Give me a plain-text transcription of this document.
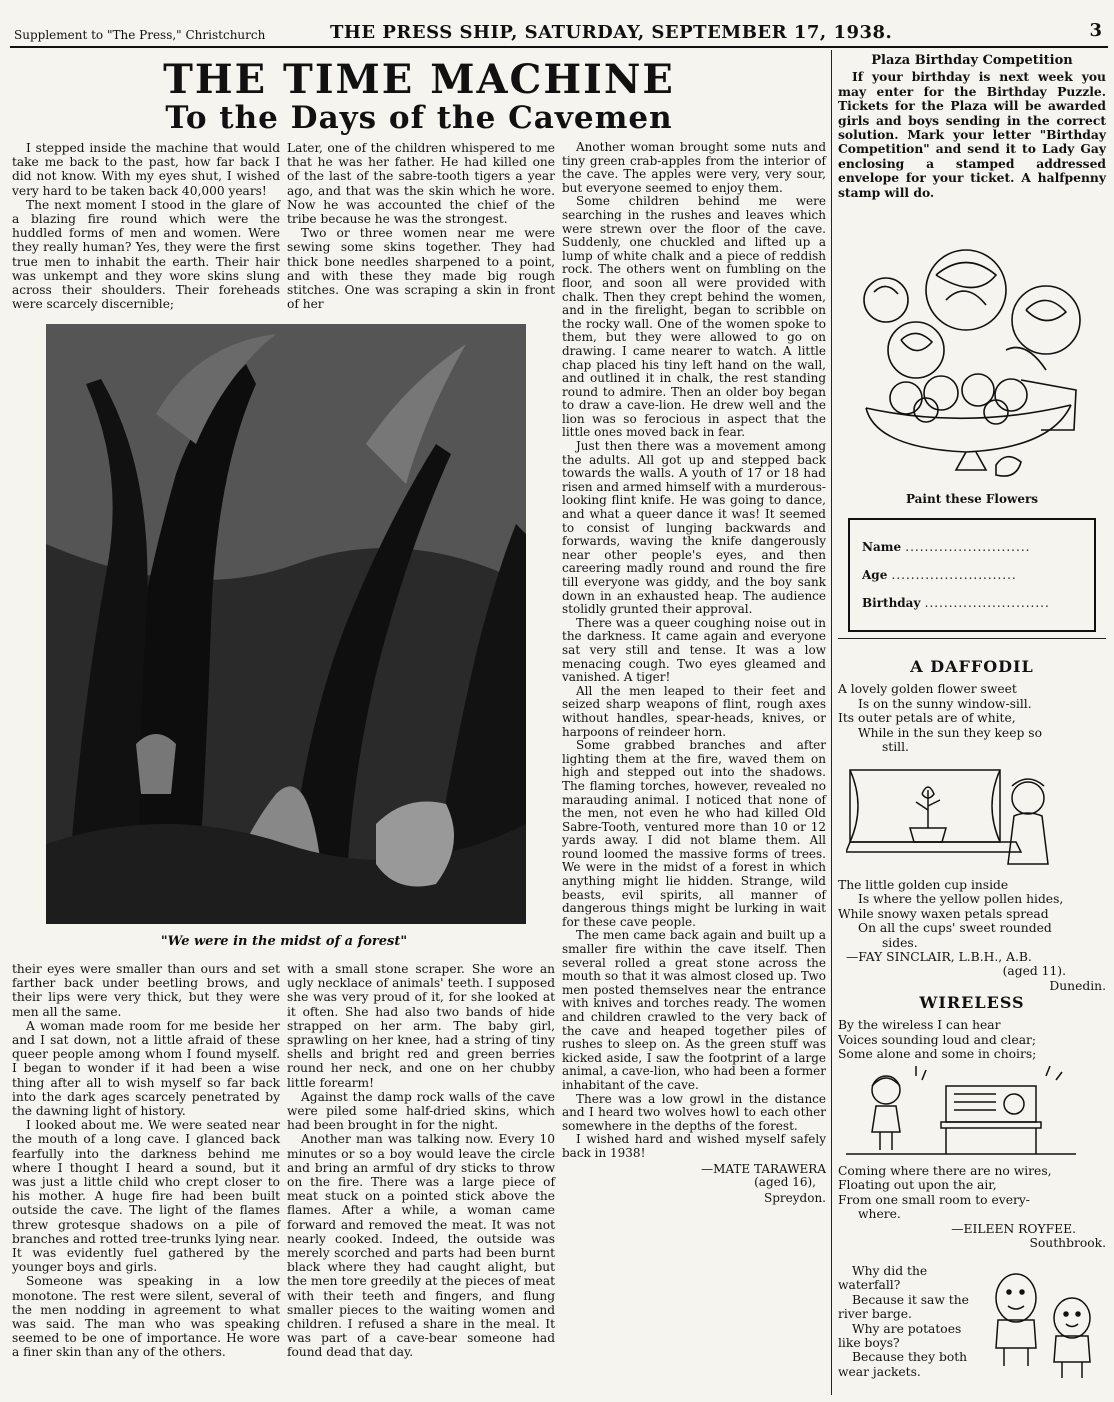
Supplement to "The Press," Christchurch	THE PRESS SHIP, SATURDAY, SEPTEMBER 17, 1938.	3
THE TIME MACHINE
To the Days of the Cavemen

I stepped inside the machine that would take me back to the past, how far back I did not know. With my eyes shut, I wished very hard to be taken back 40,000 years!

The next moment I stood in the glare of a blazing fire round which were the huddled forms of men and women. Were they really human? Yes, they were the first true men to inhabit the earth. Their hair was unkempt and they wore skins slung across their shoulders. Their foreheads were scarcely discernible;

Later, one of the children whispered to me that he was her father. He had killed one of the last of the sabre-tooth tigers a year ago, and that was the skin which he wore. Now he was accounted the chief of the tribe because he was the strongest.

Two or three women near me were sewing some skins together. They had thick bone needles sharpened to a point, and with these they made big rough stitches. One was scraping a skin in front of her

"We were in the midst of a forest"

their eyes were smaller than ours and set farther back under beetling brows, and their lips were very thick, but they were men all the same.

A woman made room for me beside her and I sat down, not a little afraid of these queer people among whom I found myself. I began to wonder if it had been a wise thing after all to wish myself so far back into the dark ages scarcely penetrated by the dawning light of history.

I looked about me. We were seated near the mouth of a long cave. I glanced back fearfully into the darkness behind me where I thought I heard a sound, but it was just a little child who crept closer to his mother. A huge fire had been built outside the cave. The light of the flames threw grotesque shadows on a pile of branches and rotted tree-trunks lying near. It was evidently fuel gathered by the younger boys and girls.

Someone was speaking in a low monotone. The rest were silent, several of the men nodding in agreement to what was said. The man who was speaking seemed to be one of importance. He wore a finer skin than any of the others.

with a small stone scraper. She wore an ugly necklace of animals' teeth. I supposed she was very proud of it, for she looked at it often. She had also two bands of hide strapped on her arm. The baby girl, sprawling on her knee, had a string of tiny shells and bright red and green berries round her neck, and one on her chubby little forearm!

Against the damp rock walls of the cave were piled some half-dried skins, which had been brought in for the night.

Another man was talking now. Every 10 minutes or so a boy would leave the circle and bring an armful of dry sticks to throw on the fire. There was a large piece of meat stuck on a pointed stick above the flames. After a while, a woman came forward and removed the meat. It was not nearly cooked. Indeed, the outside was merely scorched and parts had been burnt black where they had caught alight, but the men tore greedily at the pieces of meat with their teeth and fingers, and flung smaller pieces to the waiting women and children. I refused a share in the meal. It was part of a cave-bear someone had found dead that day.

Another woman brought some nuts and tiny green crab-apples from the interior of the cave. The apples were very, very sour, but everyone seemed to enjoy them.

Some children behind me were searching in the rushes and leaves which were strewn over the floor of the cave. Suddenly, one chuckled and lifted up a lump of white chalk and a piece of reddish rock. The others went on fumbling on the floor, and soon all were provided with chalk. Then they crept behind the women, and in the firelight, began to scribble on the rocky wall. One of the women spoke to them, but they were allowed to go on drawing. I came nearer to watch. A little chap placed his tiny left hand on the wall, and outlined it in chalk, the rest standing round to admire. Then an older boy began to draw a cave-lion. He drew well and the lion was so ferocious in aspect that the little ones moved back in fear.

Just then there was a movement among the adults. All got up and stepped back towards the walls. A youth of 17 or 18 had risen and armed himself with a murderous-looking flint knife. He was going to dance, and what a queer dance it was! It seemed to consist of lunging backwards and forwards, waving the knife dangerously near other people's eyes, and then careering madly round and round the fire till everyone was giddy, and the boy sank down in an exhausted heap. The audience stolidly grunted their approval.

There was a queer coughing noise out in the darkness. It came again and everyone sat very still and tense. It was a low menacing cough. Two eyes gleamed and vanished. A tiger!

All the men leaped to their feet and seized sharp weapons of flint, rough axes without handles, spear-heads, knives, or harpoons of reindeer horn.

Some grabbed branches and after lighting them at the fire, waved them on high and stepped out into the shadows. The flaming torches, however, revealed no marauding animal. I noticed that none of the men, not even he who had killed Old Sabre-Tooth, ventured more than 10 or 12 yards away. I did not blame them. All round loomed the massive forms of trees. We were in the midst of a forest in which anything might lie hidden. Strange, wild beasts, evil spirits, all manner of dangerous things might be lurking in wait for these cave people.

The men came back again and built up a smaller fire within the cave itself. Then several rolled a great stone across the mouth so that it was almost closed up. Two men posted themselves near the entrance with knives and torches ready. The women and children crawled to the very back of the cave and heaped together piles of rushes to sleep on. As the green stuff was kicked aside, I saw the footprint of a large animal, a cave-lion, who had been a former inhabitant of the cave.

There was a low growl in the distance and I heard two wolves howl to each other somewhere in the depths of the forest.

I wished hard and wished myself safely back in 1938!

—MATE TARAWERA

(aged 16),

Spreydon.

Plaza Birthday Competition

If your birthday is next week you may enter for the Birthday Puzzle. Tickets for the Plaza will be awarded girls and boys sending in the correct solution. Mark your letter "Birthday Competition" and send it to Lady Gay enclosing a stamped addressed envelope for your ticket. A halfpenny stamp will do.

Paint these Flowers
Name ..........................
Age ..........................
Birthday ..........................
A DAFFODIL

A lovely golden flower sweet

Is on the sunny window-sill.

Its outer petals are of white,

While in the sun they keep so

still.

The little golden cup inside

Is where the yellow pollen hides,

While snowy waxen petals spread

On all the cups' sweet rounded

sides.

—FAY SINCLAIR, L.B.H., A.B.

(aged 11).

Dunedin.

WIRELESS

By the wireless I can hear

Voices sounding loud and clear;

Some alone and some in choirs;

Coming where there are no wires,

Floating out upon the air,

From one small room to every-

where.

—EILEEN ROYFEE.

Southbrook.

Why did the waterfall?

Because it saw the river barge.

Why are potatoes like boys?

Because they both wear jackets.
